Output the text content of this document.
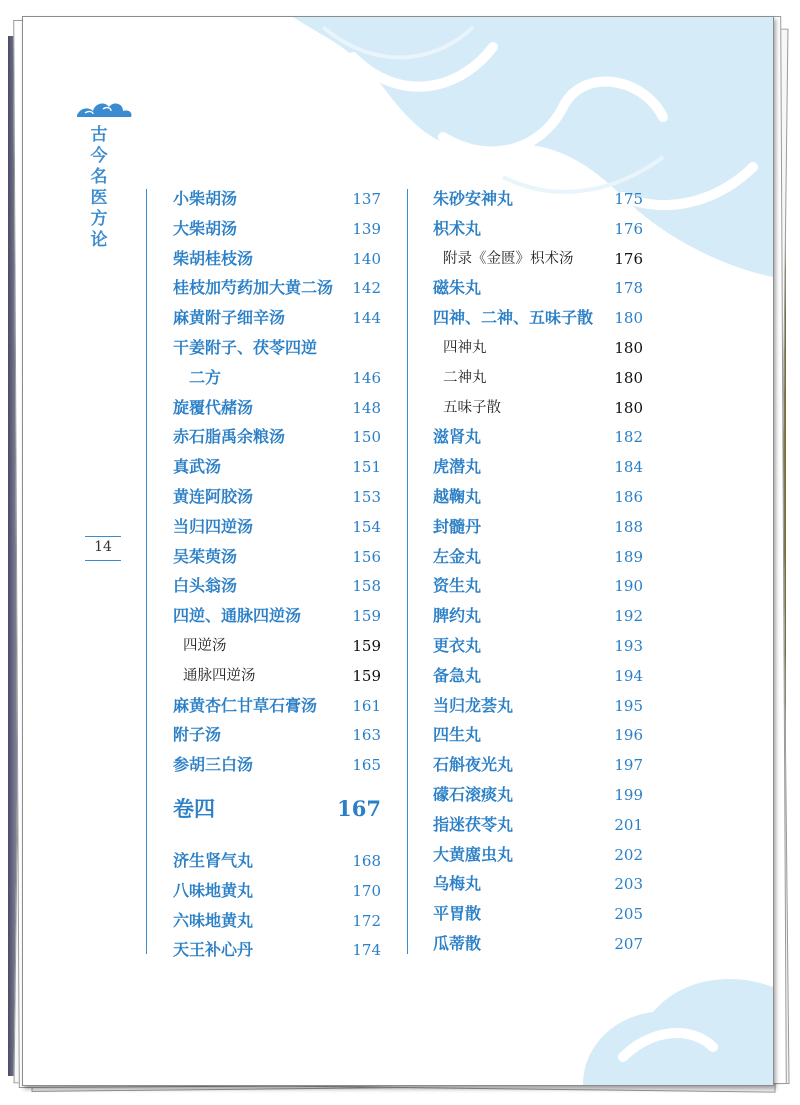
古
今
名
医
方
论
14
小柴胡汤	137
大柴胡汤	139
柴胡桂枝汤	140
桂枝加芍药加大黄二汤 142
麻黄附子细辛汤	144
干姜附子、茯苓四逆
　二方	146
旋覆代赭汤	148
赤石脂禹余粮汤	150
真武汤	151
黄连阿胶汤	153
当归四逆汤	154
吴茱萸汤	156
白头翁汤	158
四逆、通脉四逆汤	159
四逆汤	159
通脉四逆汤	159
麻黄杏仁甘草石膏汤 161
附子汤	163
参胡三白汤	165
卷四	167
济生肾气丸	168
八味地黄丸	170
六味地黄丸	172
天王补心丹	174
朱砂安神丸	175
枳术丸	176
附录《金匮》枳术汤	176
磁朱丸	178
四神、二神、五味子散 180
四神丸	180
二神丸	180
五味子散	180
滋肾丸	182
虎潜丸	184
越鞠丸	186
封髓丹	188
左金丸	189
资生丸	190
脾约丸	192
更衣丸	193
备急丸	194
当归龙荟丸	195
四生丸	196
石斛夜光丸	197
礞石滚痰丸	199
指迷茯苓丸	201
大黄䗪虫丸	202
乌梅丸	203
平胃散	205
瓜蒂散	207
